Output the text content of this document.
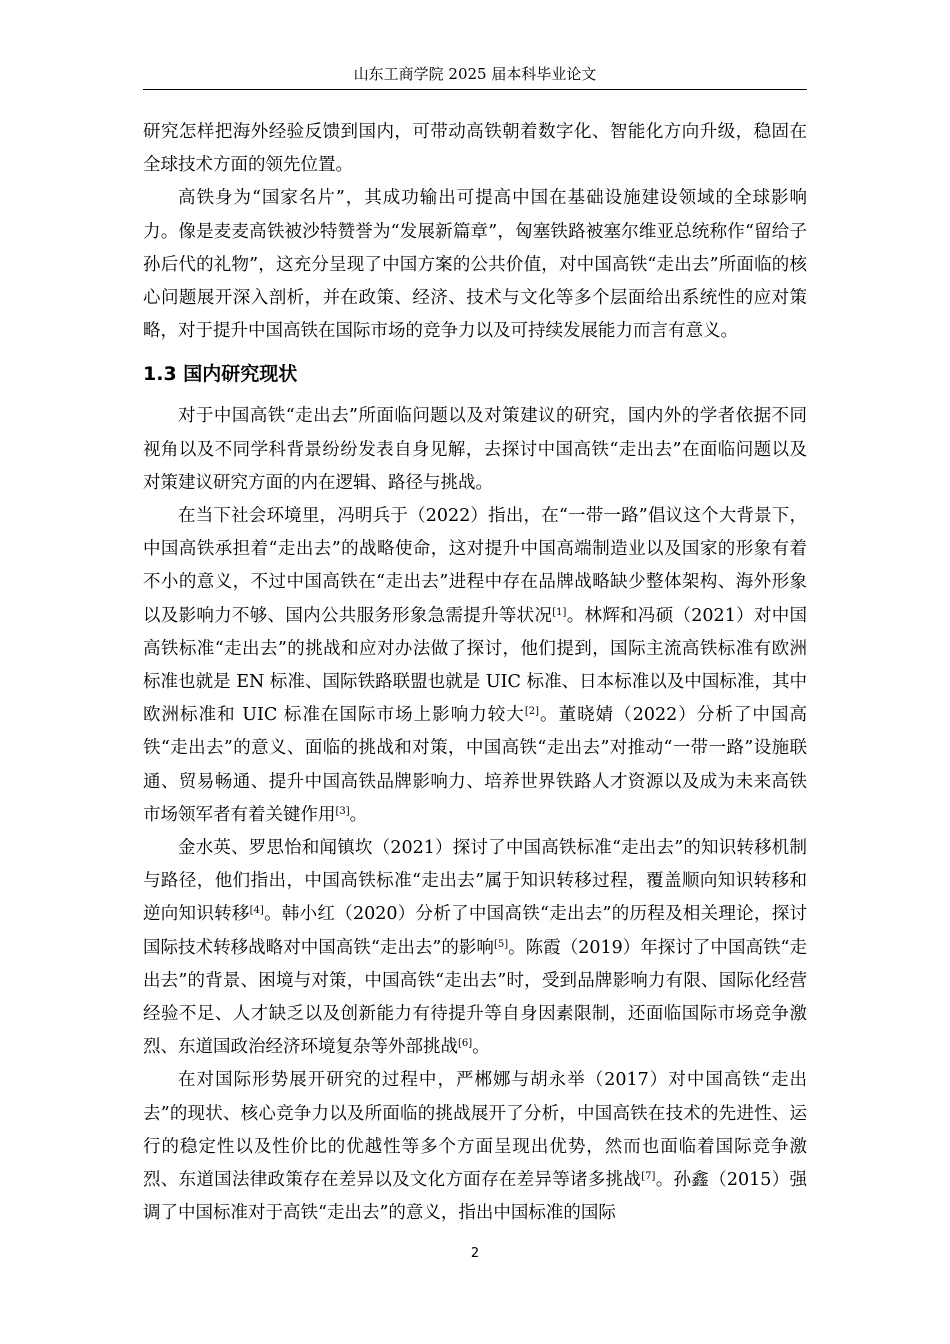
山东工商学院 2025 届本科毕业论文

研究怎样把海外经验反馈到国内，可带动高铁朝着数字化、智能化方向升级，稳固在全球技术方面的领先位置。

高铁身为“国家名片”，其成功输出可提高中国在基础设施建设领域的全球影响力。像是麦麦高铁被沙特赞誉为“发展新篇章”，匈塞铁路被塞尔维亚总统称作“留给子孙后代的礼物”，这充分呈现了中国方案的公共价值，对中国高铁“走出去”所面临的核心问题展开深入剖析，并在政策、经济、技术与文化等多个层面给出系统性的应对策略，对于提升中国高铁在国际市场的竞争力以及可持续发展能力而言有意义。

1.3 国内研究现状

对于中国高铁“走出去”所面临问题以及对策建议的研究，国内外的学者依据不同视角以及不同学科背景纷纷发表自身见解，去探讨中国高铁“走出去”在面临问题以及对策建议研究方面的内在逻辑、路径与挑战。

在当下社会环境里，冯明兵于（2022）指出，在“一带一路”倡议这个大背景下，中国高铁承担着“走出去”的战略使命，这对提升中国高端制造业以及国家的形象有着不小的意义，不过中国高铁在“走出去”进程中存在品牌战略缺少整体架构、海外形象以及影响力不够、国内公共服务形象急需提升等状况[1]。林辉和冯硕（2021）对中国高铁标准“走出去”的挑战和应对办法做了探讨，他们提到，国际主流高铁标准有欧洲标准也就是 EN 标准、国际铁路联盟也就是 UIC 标准、日本标准以及中国标准，其中欧洲标准和 UIC 标准在国际市场上影响力较大[2]。董晓婧（2022）分析了中国高铁“走出去”的意义、面临的挑战和对策，中国高铁“走出去”对推动“一带一路”设施联通、贸易畅通、提升中国高铁品牌影响力、培养世界铁路人才资源以及成为未来高铁市场领军者有着关键作用[3]。

金水英、罗思怡和闻镇坎（2021）探讨了中国高铁标准“走出去”的知识转移机制与路径，他们指出，中国高铁标准“走出去”属于知识转移过程，覆盖顺向知识转移和逆向知识转移[4]。韩小红（2020）分析了中国高铁“走出去”的历程及相关理论，探讨国际技术转移战略对中国高铁“走出去”的影响[5]。陈霞（2019）年探讨了中国高铁“走出去”的背景、困境与对策，中国高铁“走出去”时，受到品牌影响力有限、国际化经营经验不足、人才缺乏以及创新能力有待提升等自身因素限制，还面临国际市场竞争激烈、东道国政治经济环境复杂等外部挑战[6]。

在对国际形势展开研究的过程中，严郴娜与胡永举（2017）对中国高铁“走出去”的现状、核心竞争力以及所面临的挑战展开了分析，中国高铁在技术的先进性、运行的稳定性以及性价比的优越性等多个方面呈现出优势，然而也面临着国际竞争激烈、东道国法律政策存在差异以及文化方面存在差异等诸多挑战[7]。孙鑫（2015）强调了中国标准对于高铁“走出去”的意义，指出中国标准的国际

2
